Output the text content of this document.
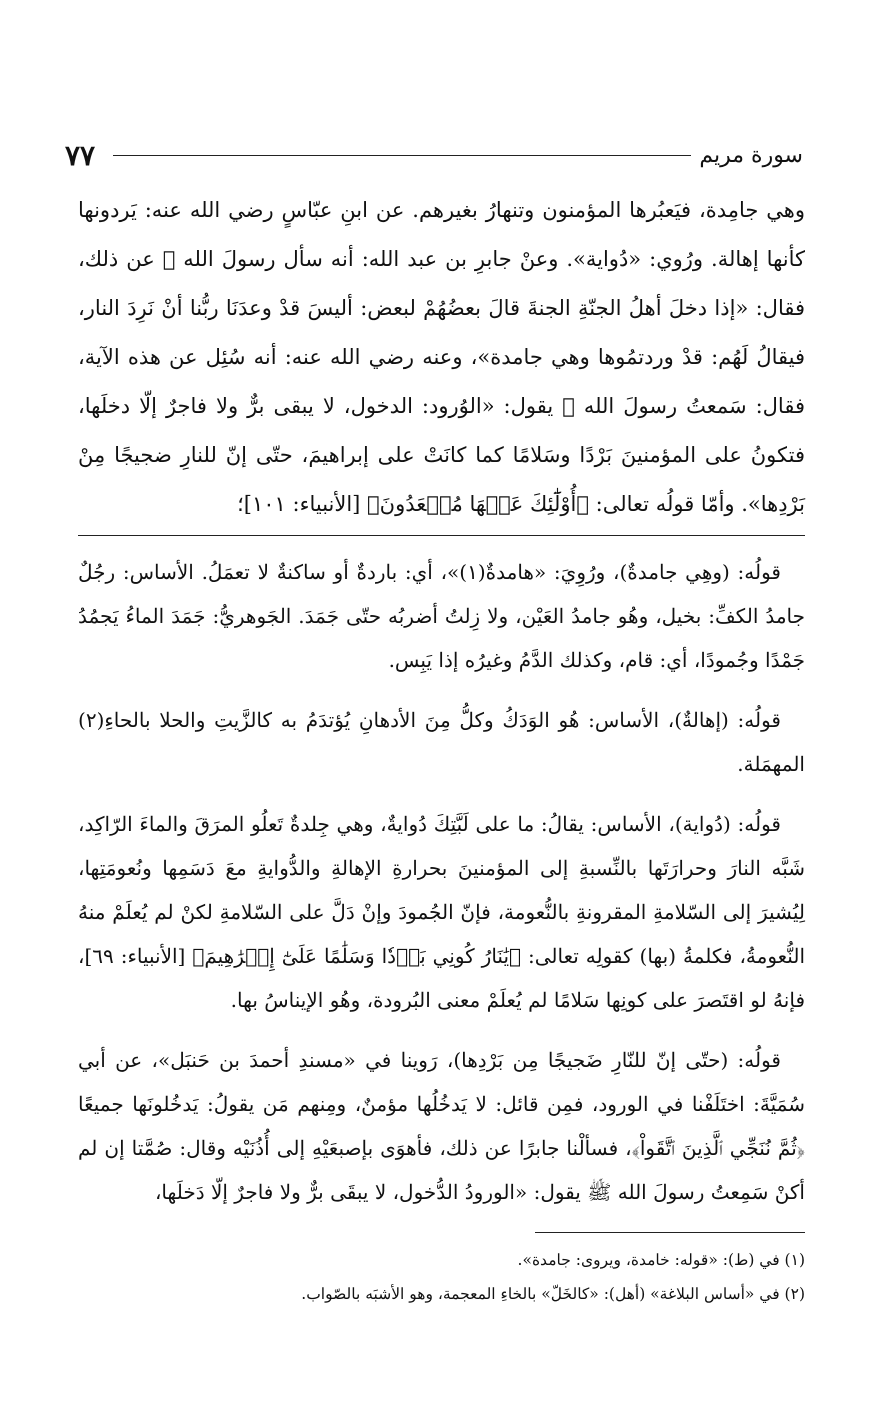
٧٧	سورة مريم

وهي جامِدة، فيَعبُرها المؤمنون وتنهارُ بغيرهم. عن ابنِ عبّاسٍ رضي الله عنه: يَردونها كأنها إهالة. ورُوي: «دُواية». وعنْ جابرِ بن عبد الله: أنه سأل رسولَ الله ﷺ عن ذلك، فقال: «إذا دخلَ أهلُ الجنّةِ الجنةَ قالَ بعضُهُمْ لبعض: أليسَ قدْ وعدَنَا ربُّنا أنْ نَرِدَ النار، فيقالُ لَهُم: قدْ وردتمُوها وهي جامدة»، وعنه رضي الله عنه: أنه سُئِل عن هذه الآية، فقال: سَمعتُ رسولَ الله ﷺ يقول: «الوُرود: الدخول، لا يبقى برٌّ ولا فاجرٌ إلّا دخلَها، فتكونُ على المؤمنينَ بَرْدًا وسَلامًا كما كانَتْ على إبراهيمَ، حتّى إنّ للنارِ ضجيجًا مِنْ بَرْدِها». وأمّا قولُه تعالى: ﴿أُوْلَٰٓئِكَ عَنۡهَا مُبۡعَدُونَ﴾ [الأنبياء: ١٠١]؛

قولُه: (وهِي جامدةٌ)، ورُوِيَ: «هامدةٌ(١)»، أي: باردةٌ أو ساكنةٌ لا تعمَلُ. الأساس: رجُلٌ جامدُ الكفِّ: بخيل، وهُو جامدُ العَيْن، ولا زِلتُ أضربُه حتّى جَمَدَ. الجَوهريُّ: جَمَدَ الماءُ يَجمُدُ جَمْدًا وجُمودًا، أي: قام، وكذلك الدَّمُ وغيرُه إذا يَبِس.

قولُه: (إهالةٌ)، الأساس: هُو الوَدَكُ وكلُّ مِنَ الأدهانِ يُؤتدَمُ به كالزَّيتِ والحلا بالحاءِ(٢) المهمَلة.

قولُه: (دُواية)، الأساس: يقالُ: ما على لَبَّتِكَ دُوايةٌ، وهي جِلدةٌ تَعلُو المرَقَ والماءَ الرّاكِد، شَبَّه النارَ وحرارَتَها بالنِّسبةِ إلى المؤمنينَ بحرارةِ الإهالةِ والدُّوايةِ معَ دَسَمِها ونُعومَتِها، لِيُشيرَ إلى السّلامةِ المقرونةِ بالنُّعومة، فإنّ الجُمودَ وإنْ دَلَّ على السّلامةِ لكنْ لم يُعلَمْ منهُ النُّعومةُ، فكلمةُ (بها) كقولِه تعالى: ﴿يَٰنَارُ كُونِي بَرۡدٗا وَسَلَٰمًا عَلَىٰٓ إِبۡرَٰهِيمَ﴾ [الأنبياء: ٦٩]، فإنهُ لو اقتَصرَ على كونِها سَلامًا لم يُعلَمْ معنى البُرودة، وهُو الإيناسُ بها.

قولُه: (حتّى إنّ للنّارِ ضَجيجًا مِن بَرْدِها)، رَوينا في «مسندِ أحمدَ بن حَنبَل»، عن أبي سُمَيَّةَ: اختَلَفْنا في الورود، فمِن قائل: لا يَدخُلُها مؤمنٌ، ومِنهم مَن يقولُ: يَدخُلونَها جميعًا ﴿ثُمَّ نُنَجِّي ٱلَّذِينَ ٱتَّقَواْ﴾، فسألْنا جابرًا عن ذلك، فأهوَى بإصبعَيْهِ إلى أُذُنَيْه وقال: صُمَّتا إن لم أكنْ سَمِعتُ رسولَ الله ﷺ يقول: «الورودُ الدُّخول، لا يبقَى برٌّ ولا فاجرٌ إلّا دَخلَها،

(١) في (ط): «قوله: خامدة، ويروى: جامدة».

(٢) في «أساس البلاغة» (أهل): «كالخَلّ» بالخاءِ المعجمة، وهو الأشبَه بالصّواب.
